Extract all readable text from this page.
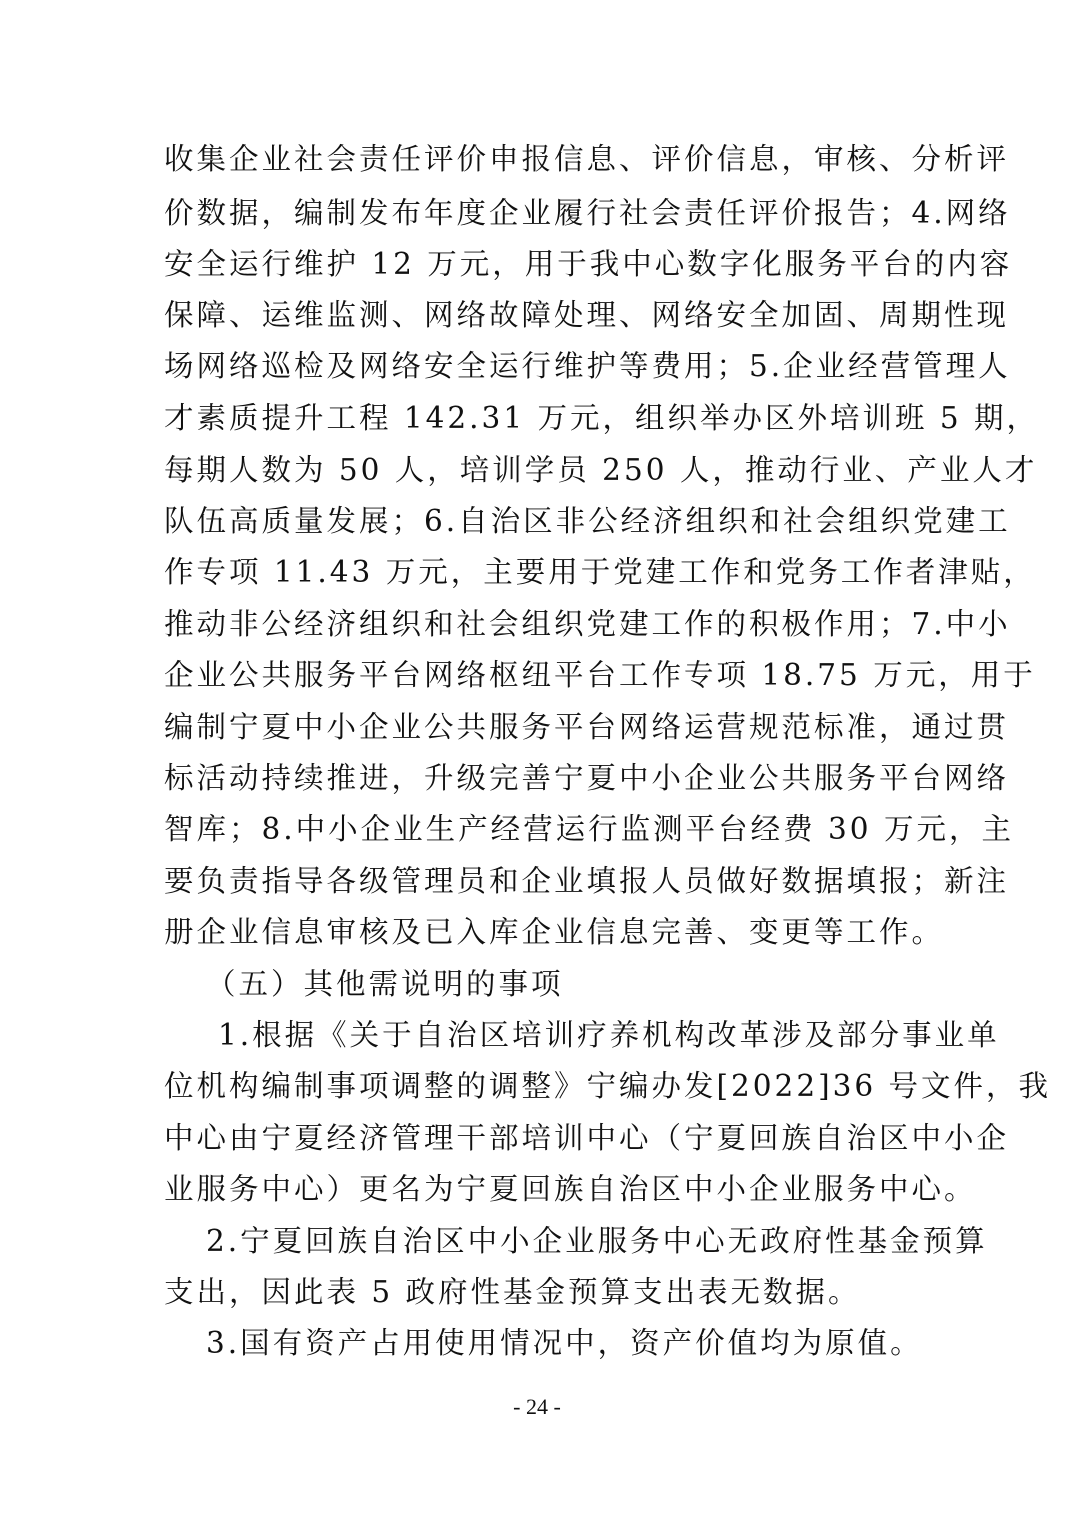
收集企业社会责任评价申报信息、评价信息，审核、分析评
价数据，编制发布年度企业履行社会责任评价报告；4.网络
安全运行维护 12 万元，用于我中心数字化服务平台的内容
保障、运维监测、网络故障处理、网络安全加固、周期性现
场网络巡检及网络安全运行维护等费用；5.企业经营管理人
才素质提升工程 142.31 万元，组织举办区外培训班 5 期，
每期人数为 50 人，培训学员 250 人，推动行业、产业人才
队伍高质量发展；6.自治区非公经济组织和社会组织党建工
作专项 11.43 万元，主要用于党建工作和党务工作者津贴，
推动非公经济组织和社会组织党建工作的积极作用；7.中小
企业公共服务平台网络枢纽平台工作专项 18.75 万元，用于
编制宁夏中小企业公共服务平台网络运营规范标准，通过贯
标活动持续推进，升级完善宁夏中小企业公共服务平台网络
智库；8.中小企业生产经营运行监测平台经费 30 万元，主
要负责指导各级管理员和企业填报人员做好数据填报；新注
册企业信息审核及已入库企业信息完善、变更等工作。
（五）其他需说明的事项
1.根据《关于自治区培训疗养机构改革涉及部分事业单
位机构编制事项调整的调整》宁编办发[2022]36 号文件，我
中心由宁夏经济管理干部培训中心（宁夏回族自治区中小企
业服务中心）更名为宁夏回族自治区中小企业服务中心。
2.宁夏回族自治区中小企业服务中心无政府性基金预算
支出，因此表 5 政府性基金预算支出表无数据。
3.国有资产占用使用情况中，资产价值均为原值。
- 24 -
